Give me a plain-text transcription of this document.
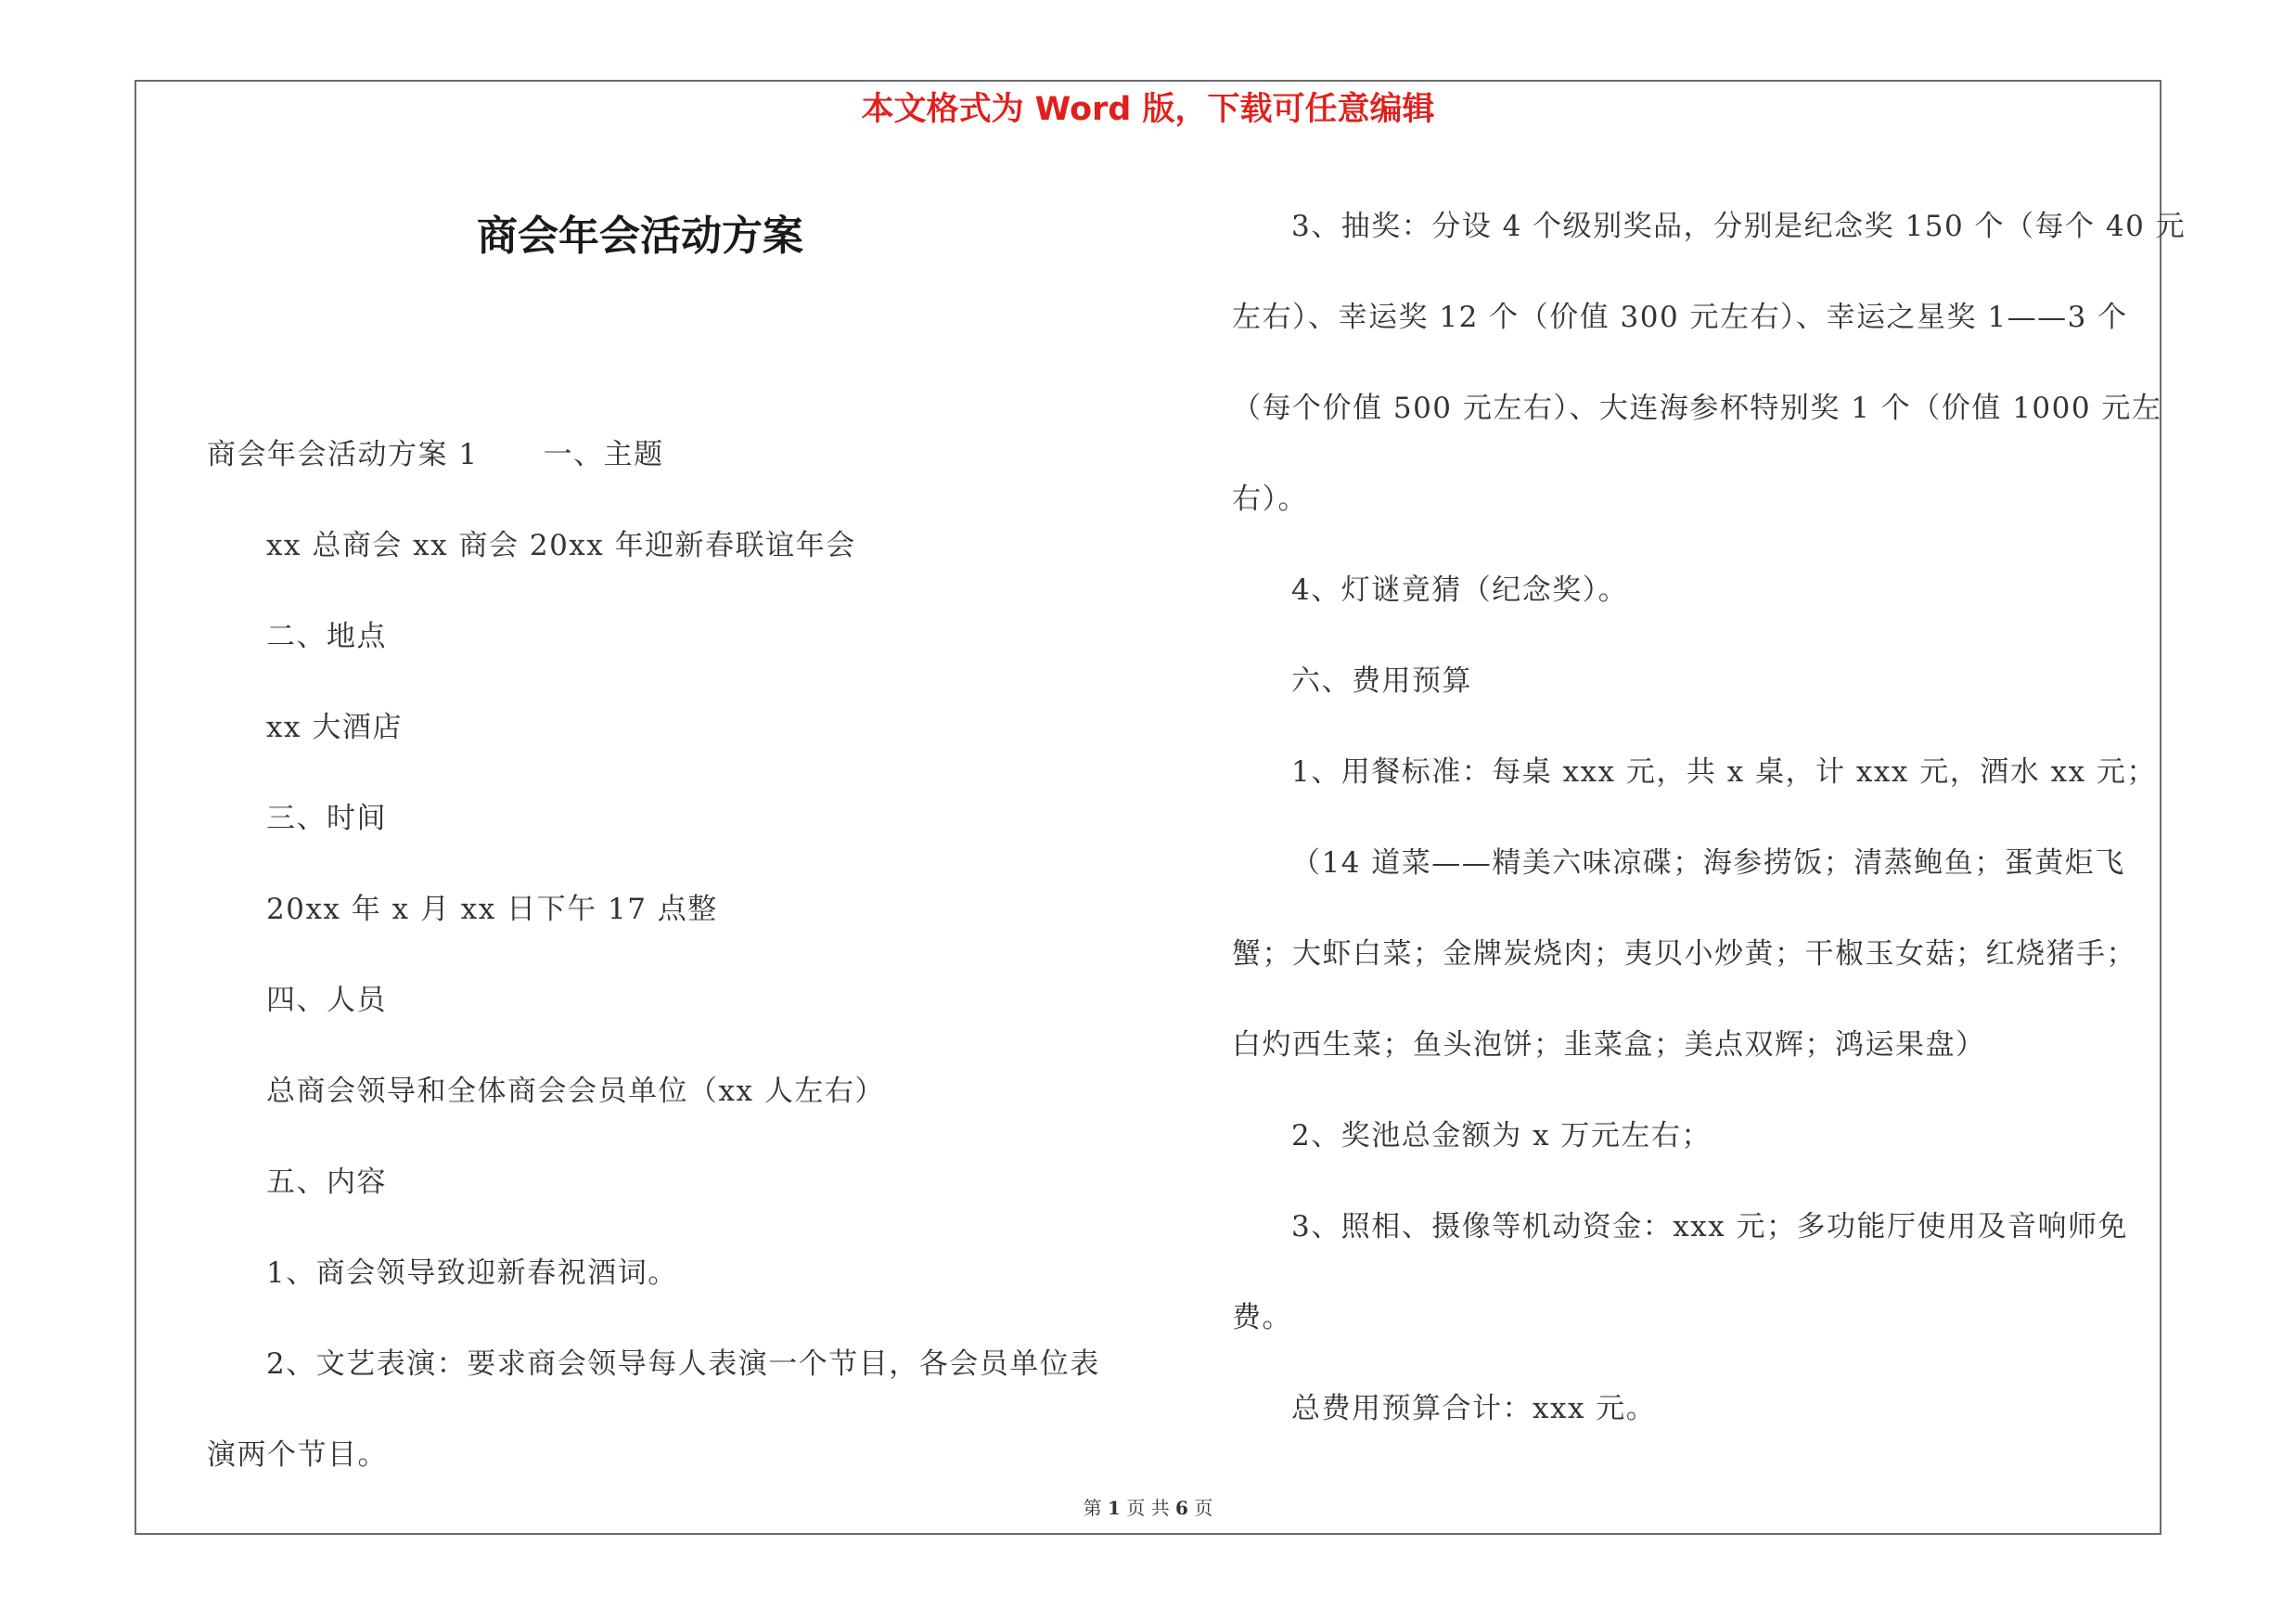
本文格式为 Word 版，下载可任意编辑
商会年会活动方案
商会年会活动方案 1 一、主题
xx 总商会 xx 商会 20xx 年迎新春联谊年会
二、地点
xx 大酒店
三、时间
20xx 年 x 月 xx 日下午 17 点整
四、人员
总商会领导和全体商会会员单位（xx 人左右）
五、内容
1、商会领导致迎新春祝酒词。
2、文艺表演：要求商会领导每人表演一个节目，各会员单位表
演两个节目。
3、抽奖：分设 4 个级别奖品，分别是纪念奖 150 个（每个 40 元
左右）、幸运奖 12 个（价值 300 元左右）、幸运之星奖 1——3 个
（每个价值 500 元左右）、大连海参杯特别奖 1 个（价值 1000 元左
右）。
4、灯谜竟猜（纪念奖）。
六、费用预算
1、用餐标准：每桌 xxx 元，共 x 桌，计 xxx 元，酒水 xx 元；
（14 道菜——精美六味凉碟；海参捞饭；清蒸鲍鱼；蛋黄炬飞
蟹；大虾白菜；金牌炭烧肉；夷贝小炒黄；干椒玉女菇；红烧猪手；
白灼西生菜；鱼头泡饼；韭菜盒；美点双辉；鸿运果盘）
2、奖池总金额为 x 万元左右；
3、照相、摄像等机动资金：xxx 元；多功能厅使用及音响师免
费。
总费用预算合计：xxx 元。
第 1 页 共 6 页
